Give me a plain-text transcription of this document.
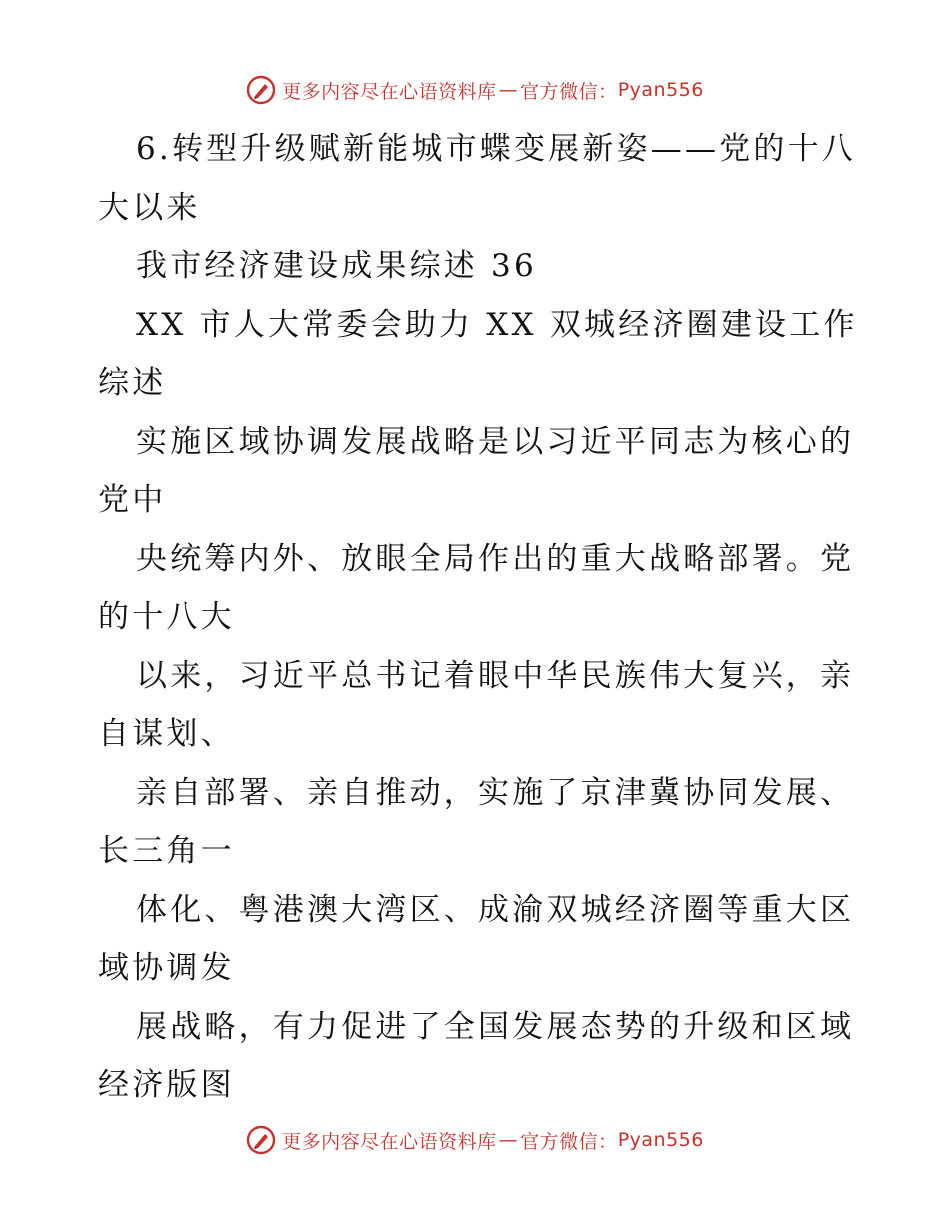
更多内容尽在心语资料库 — 官方微信： Pyan556
6.转型升级赋新能城市蝶变展新姿——党的十八
大以来
我市经济建设成果综述 36
XX 市人大常委会助力 XX 双城经济圈建设工作
综述
实施区域协调发展战略是以习近平同志为核心的
党中
央统筹内外、放眼全局作出的重大战略部署。党
的十八大
以来，习近平总书记着眼中华民族伟大复兴，亲
自谋划、
亲自部署、亲自推动，实施了京津冀协同发展、
长三角一
体化、粤港澳大湾区、成渝双城经济圈等重大区
域协调发
展战略，有力促进了全国发展态势的升级和区域
经济版图
更多内容尽在心语资料库 — 官方微信： Pyan556
